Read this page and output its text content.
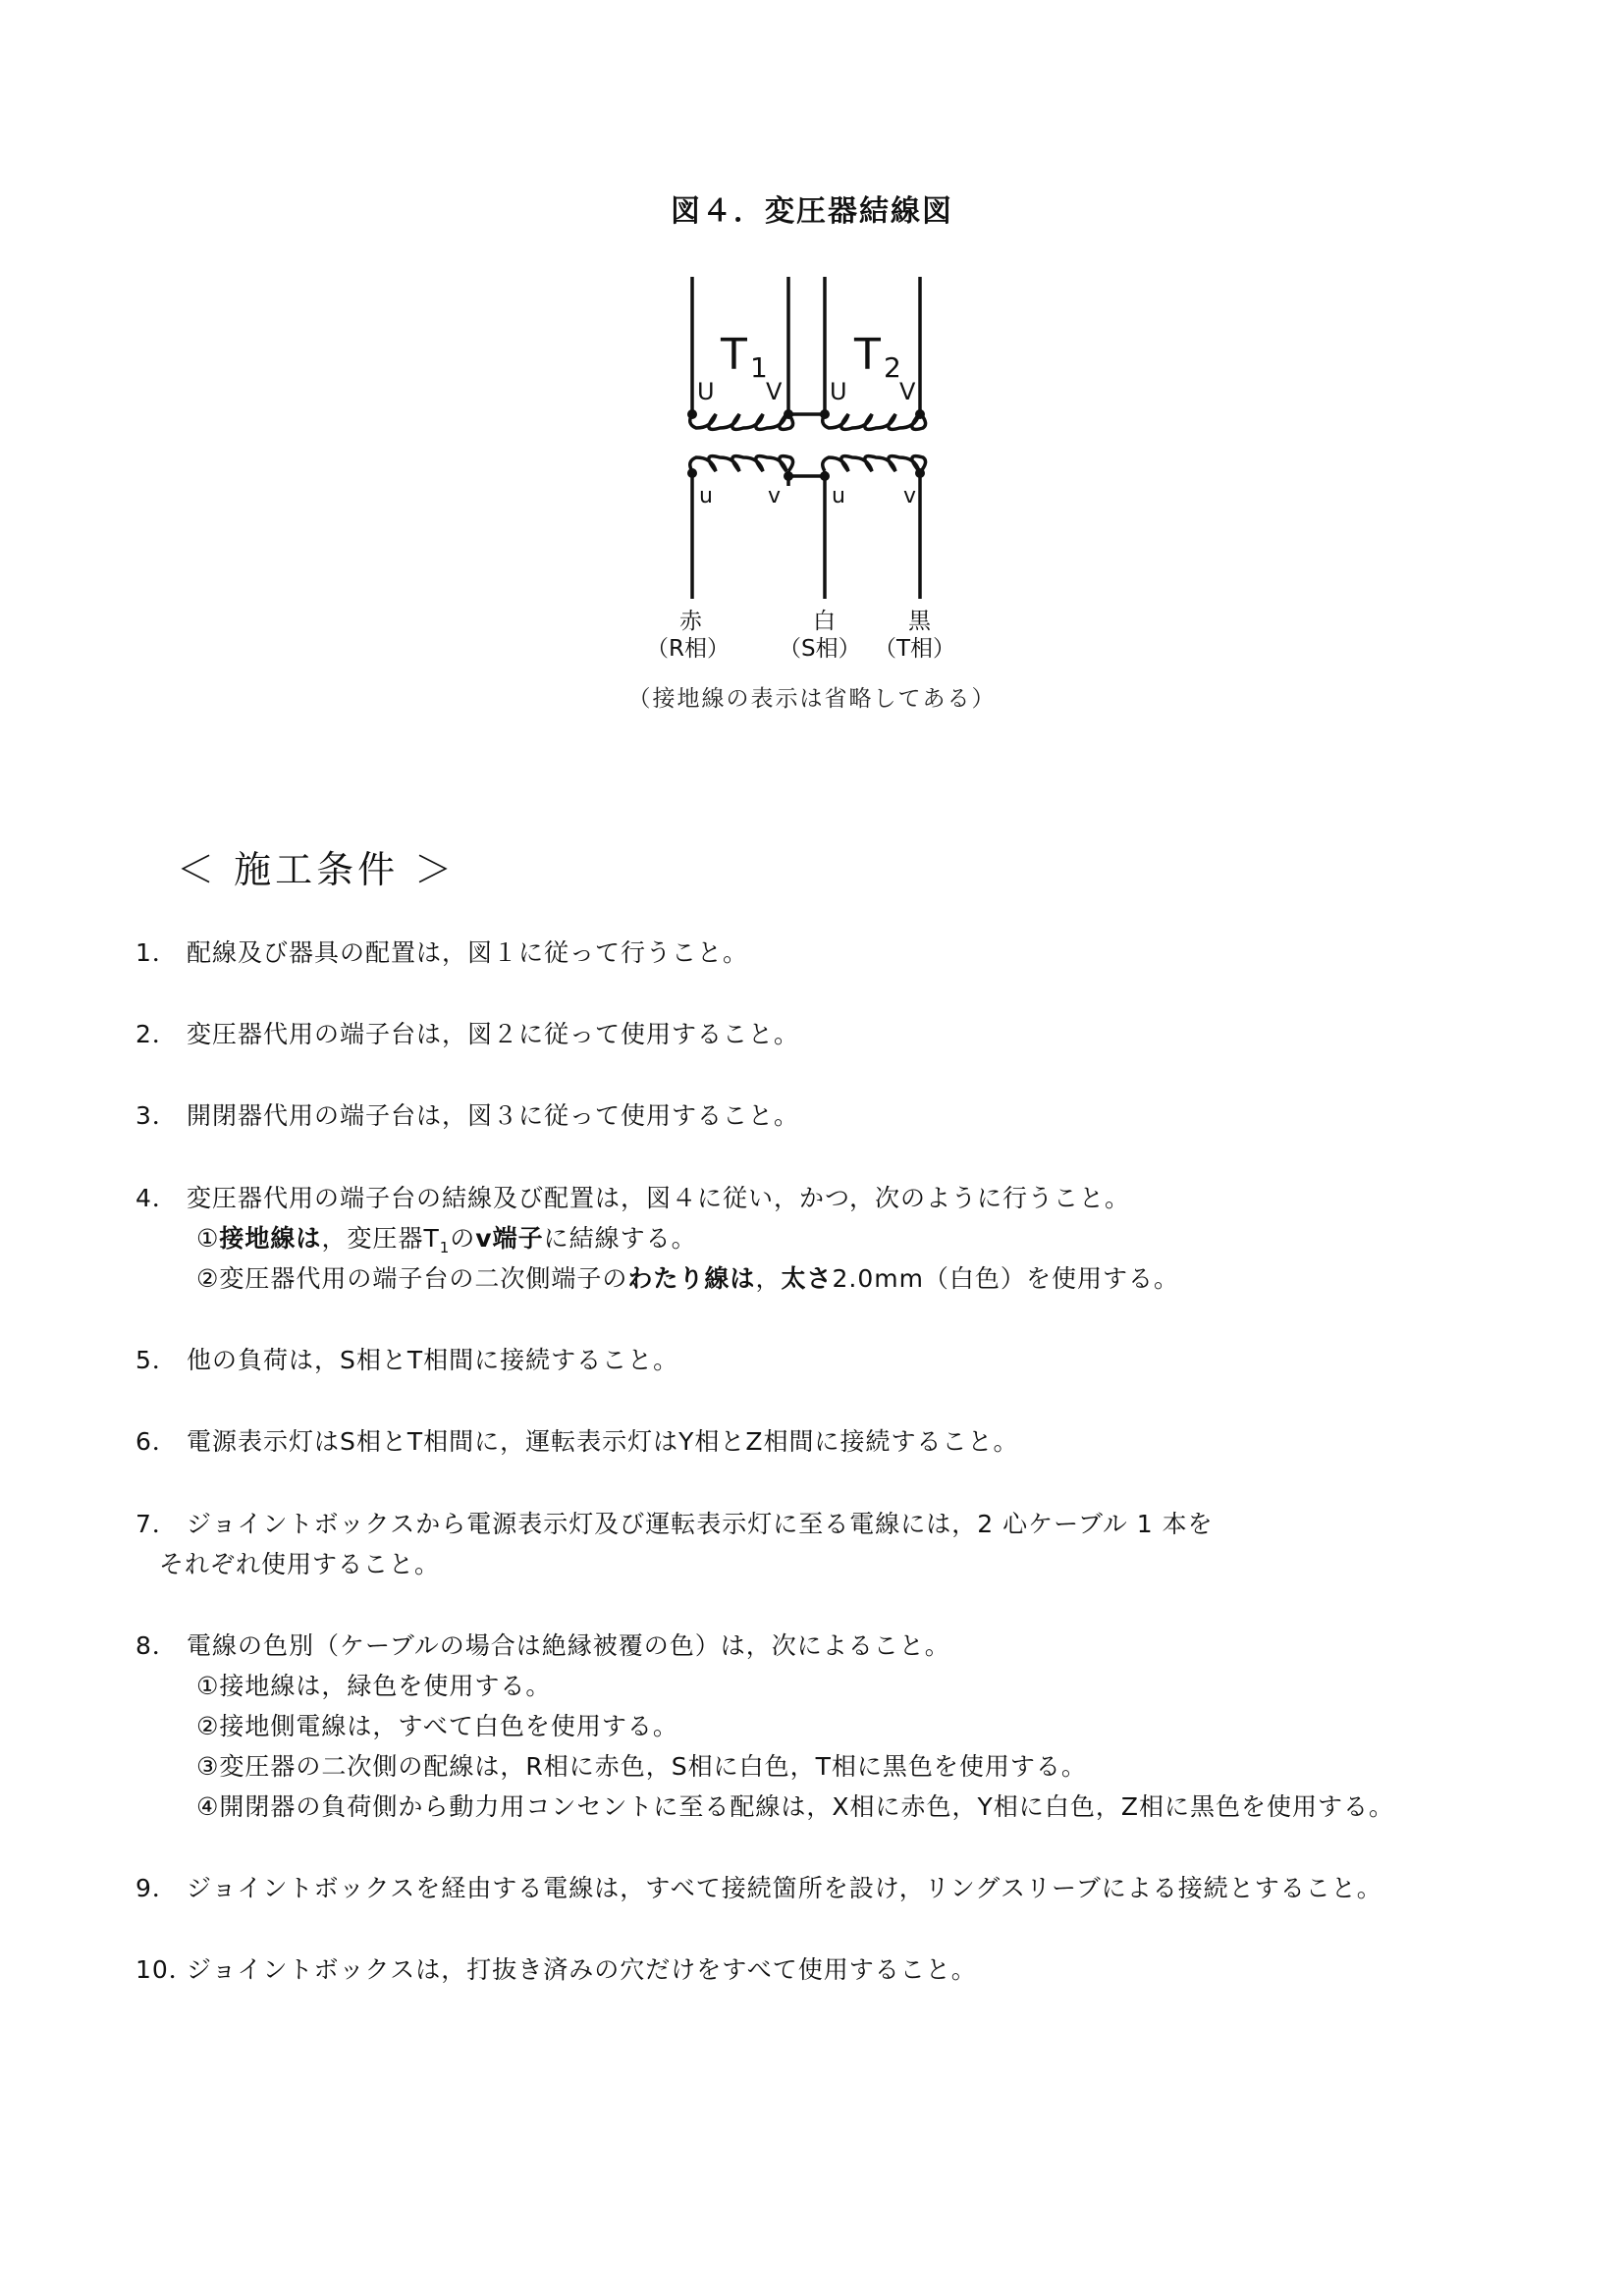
図４．変圧器結線図
T 1 T 2
U V U V
u	v u	v
赤	白	黒
（R相） （S相） （T相）
（接地線の表示は省略してある）
＜ 施工条件 ＞
1． 配線及び器具の配置は，図１に従って行うこと。
2． 変圧器代用の端子台は，図２に従って使用すること。
3． 開閉器代用の端子台は，図３に従って使用すること。
4． 変圧器代用の端子台の結線及び配置は，図４に従い，かつ，次のように行うこと。
①接地線は，変圧器$T_1$のv端子に結線する。
②変圧器代用の端子台の二次側端子のわたり線は，太さ2.0mm（白色）を使用する。
5． 他の負荷は，S相とT相間に接続すること。
6． 電源表示灯はS相とT相間に，運転表示灯はY相とZ相間に接続すること。
7． ジョイントボックスから電源表示灯及び運転表示灯に至る電線には，2 心ケーブル 1 本を
それぞれ使用すること。
8． 電線の色別（ケーブルの場合は絶縁被覆の色）は，次によること。
①接地線は，緑色を使用する。
②接地側電線は，すべて白色を使用する。
③変圧器の二次側の配線は，R相に赤色，S相に白色，T相に黒色を使用する。
④開閉器の負荷側から動力用コンセントに至る配線は，X相に赤色，Y相に白色，Z相に黒色を使用する。
9． ジョイントボックスを経由する電線は，すべて接続箇所を設け，リングスリーブによる接続とすること。
10．ジョイントボックスは，打抜き済みの穴だけをすべて使用すること。
